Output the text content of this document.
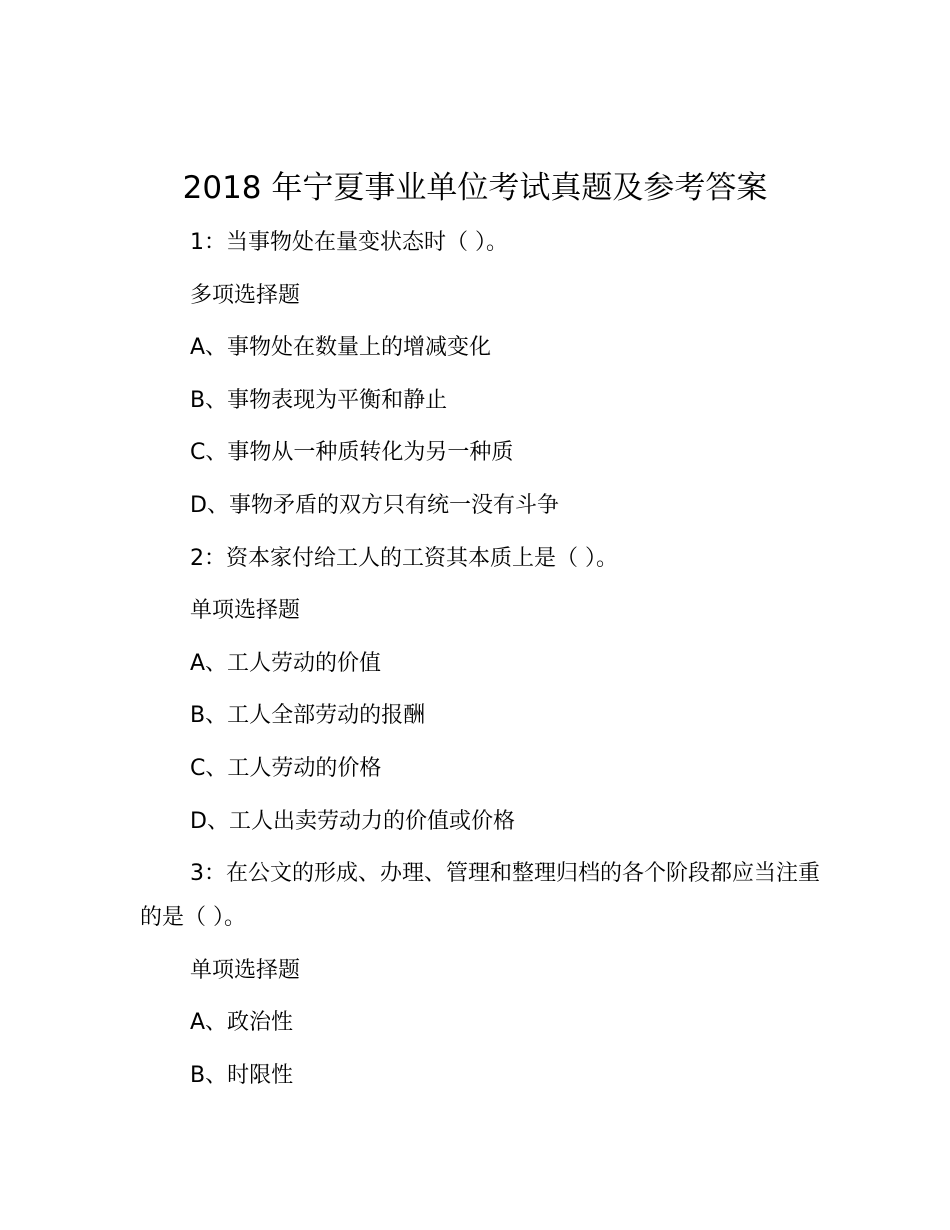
2018 年宁夏事业单位考试真题及参考答案

1：当事物处在量变状态时（ ）。

多项选择题

A、事物处在数量上的增减变化

B、事物表现为平衡和静止

C、事物从一种质转化为另一种质

D、事物矛盾的双方只有统一没有斗争

2：资本家付给工人的工资其本质上是（ ）。

单项选择题

A、工人劳动的价值

B、工人全部劳动的报酬

C、工人劳动的价格

D、工人出卖劳动力的价值或价格

3：在公文的形成、办理、管理和整理归档的各个阶段都应当注重的是（ ）。

单项选择题

A、政治性

B、时限性
